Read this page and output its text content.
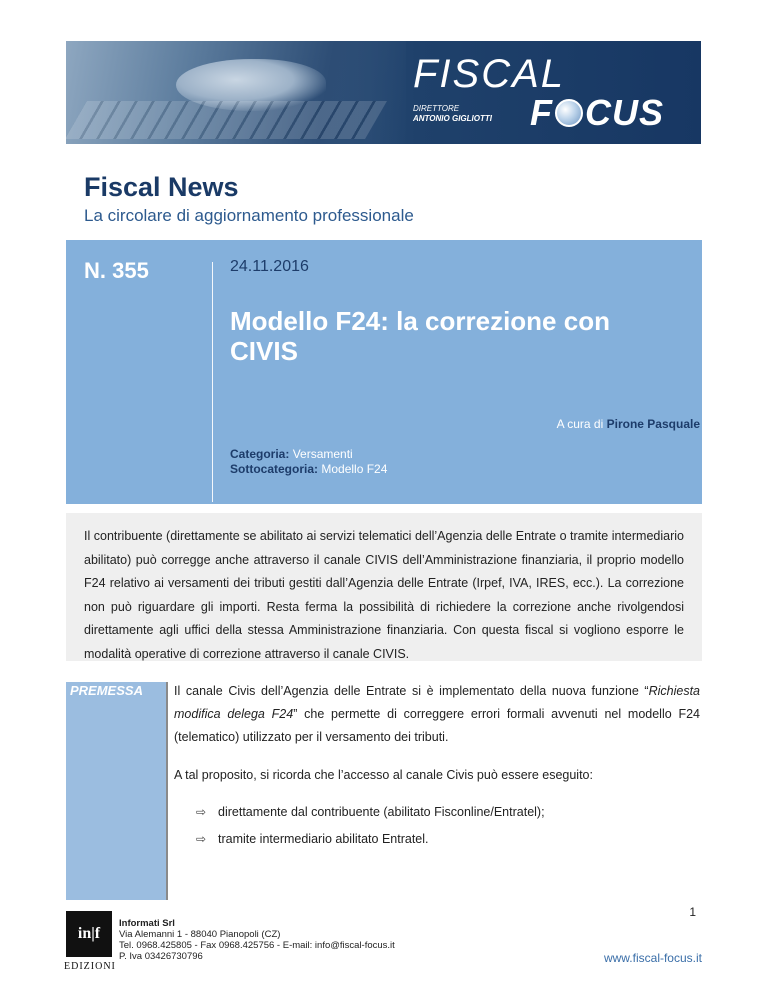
FISCAL
DIRETTORE
ANTONIO GIGLIOTTI F CUS
Fiscal News

La circolare di aggiornamento professionale

N. 355	24.11.2016
Modello F24: la correzione con CIVIS
A cura di Pirone Pasquale
Categoria: Versamenti
Sottocategoria: Modello F24
Il contribuente (direttamente se abilitato ai servizi telematici dell’Agenzia delle Entrate o tramite intermediario abilitato) può corregge anche attraverso il canale CIVIS dell’Amministrazione finanziaria, il proprio modello F24 relativo ai versamenti dei tributi gestiti dall’Agenzia delle Entrate (Irpef, IVA, IRES, ecc.). La correzione non può riguardare gli importi. Resta ferma la possibilità di richiedere la correzione anche rivolgendosi direttamente agli uffici della stessa Amministrazione finanziaria. Con questa fiscal si vogliono esporre le modalità operative di correzione attraverso il canale CIVIS.
PREMESSA Il canale Civis dell’Agenzia delle Entrate si è implementato della nuova funzione “Richiesta modifica delega F24” che permette di correggere errori formali avvenuti nel modello F24 (telematico) utilizzato per il versamento dei tributi.

A tal proposito, si ricorda che l’accesso al canale Civis può essere eseguito:

⇨ direttamente dal contribuente (abilitato Fisconline/Entratel);
⇨ tramite intermediario abilitato Entratel.
in|f
EDIZIONI
Informati Srl
Via Alemanni 1 - 88040 Pianopoli (CZ)
Tel. 0968.425805 - Fax 0968.425756 - E-mail: info@fiscal-focus.it
P. Iva 03426730796
1
www.fiscal-focus.it
